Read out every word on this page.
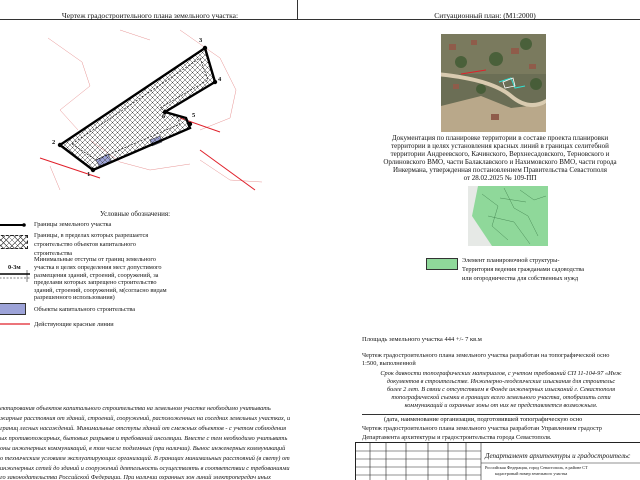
Чертеж градостроительного плана земельного участка:	Ситуационный план: (М1:2000)
1
2
3
4
5
6
Документация по планировке территории в составе проекта планировки
территории в целях установления красных линий в границах селитебной
территории Андреевского, Качинского, Верхнесадовского, Терновского и
Орлиновского ВМО, части Балаклавского и Нахимовского ВМО, части города
Инкермана, утвержденная постановлением Правительства Севастополя
от 28.02.2025 № 109-ПП
Условные обозначения:
Границы земельного участка
Границы, в пределах которых разрешается
строительство объектов капитального
строительства
0-3м
Минимальные отступы от границ земельного
участка в целях определения мест допустимого
размещения зданий, строений, сооружений, за
пределами которых запрещено строительство
зданий, строений, сооружений, м(согласно видам
разрешенного использования)
Объекты капитального строительства
Действующие красные линии
Элемент планировочной структуры-
Территория ведения гражданами садоводства
или огородничества для собственных нужд
Площадь земельного участка 444 +/- 7 кв.м
Чертеж градостроительного плана земельного участка разработан на топографической осно
1:500, выполненной
Срок давности топографических материалов, с учетом требований СП 11-104-97 «Инж
документов в строительстве. Инженерно-геодезические изыскания для строительс
более 2 лет. В связи с отсутствием в Фонде инженерных изысканий г. Севастополя
топографической съемки в границах всего земельного участка, отобразить сети
коммуникаций и охранные зоны от них не представляется возможным.
(дата, наименование организации, подготовившей топографическую осно
Чертеж градостроительного плана земельного участка разработан Управлением градостр
Департамента архитектуры и градостроительства города Севастополя.
ектирования объектов капитального строительства на земельном участке необходимо учитывать
жарные расстояния от зданий, строений, сооружений, расположенных на соседних земельных участках, и
границ лесных насаждений. Минимальные отступы зданий от смежных объектов - с учетом соблюдения
ых противопожарных, бытовых разрывов и требований инсоляции. Вместе с тем необходимо учитывать
оны инженерных коммуникаций, в том числе подземных (при наличии). Вынос инженерных коммуникаций
о техническим условиям эксплуатирующих организаций. В границах минимальных расстояний (в свету) от
инженерных сетей до зданий и сооружений деятельность осуществлять в соответствии с требованиями
го законодательства Российской Федерации. При наличии охранных зон линий электропередач иных
Департамент архитектуры и градостроительс
Российская Федерация, город Севастополь, в районе СТ
кадастровый номер земельного участка
